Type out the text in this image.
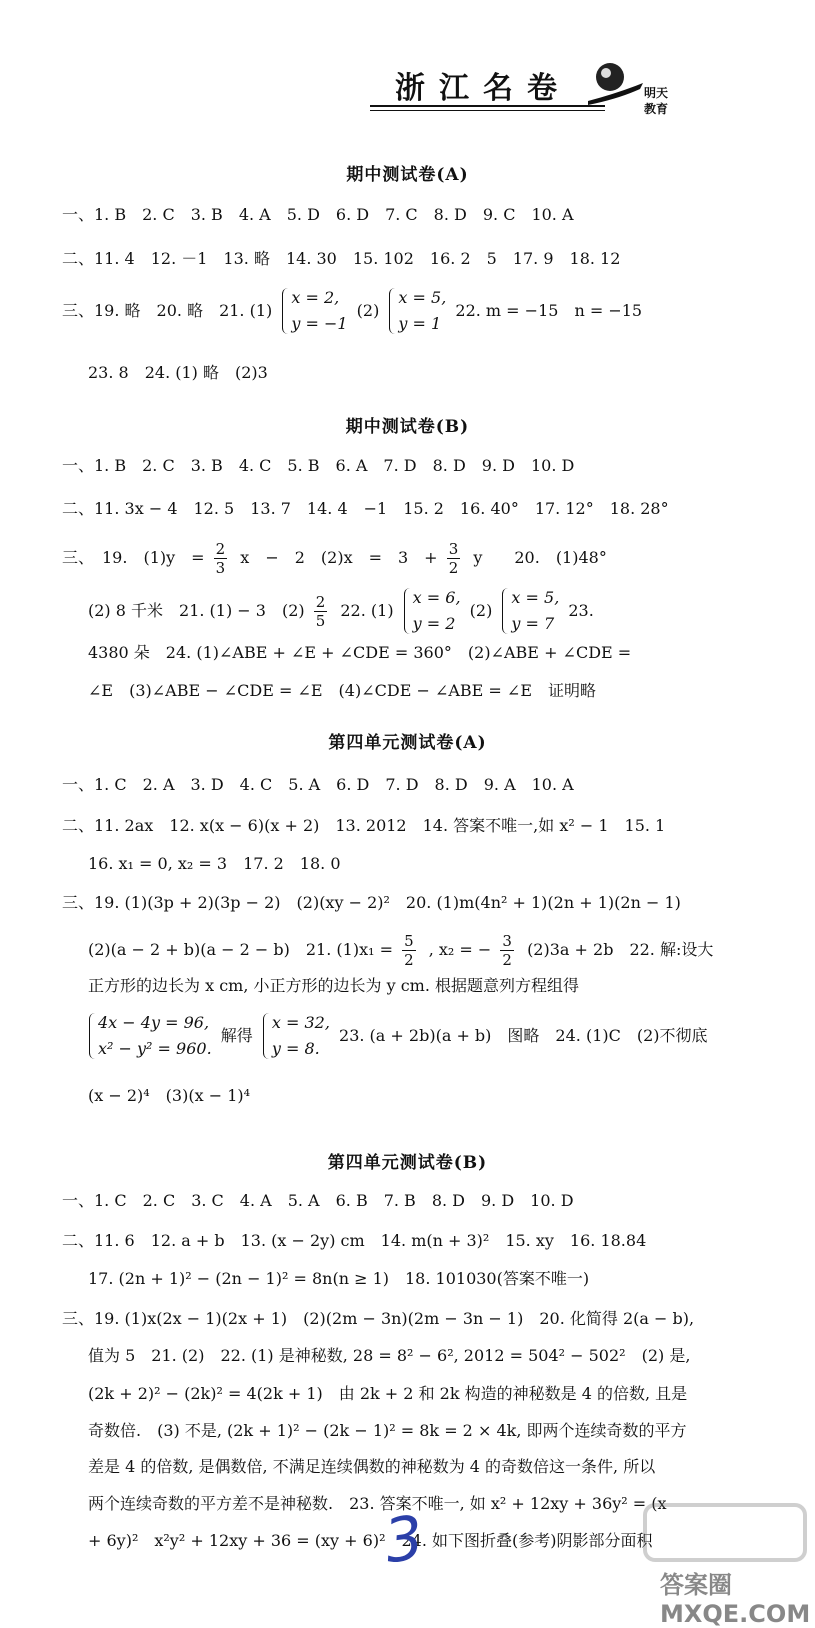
浙江名卷	明天教育
期中测试卷(A)
一、1. B　2. C　3. B　4. A　5. D　6. D　7. C　8. D　9. C　10. A
二、11. 4　12. －1　13. 略　14. 30　15. 102　16. 2　5　17. 9　18. 12
三、19. 略　20. 略　21. (1)
x = 2,
y = −1
(2)
x = 5,
y = 1
22. m = −15　n = −15
23. 8　24. (1) 略　(2)3
期中测试卷(B)
一、1. B　2. C　3. B　4. C　5. B　6. A　7. D　8. D　9. D　10. D
二、11. 3x − 4　12. 5　13. 7　14. 4　−1　15. 2　16. 40°　17. 12°　18. 28°
三、　19.　(1)y　= $\frac{2}{3}$ x　−　2　(2)x　=　3　+ $\frac{3}{2}$ y　　20.　(1)48°
(2) 8 千米　21. (1) − 3　$(2) \frac{2}{5} 22$. (1)
x = 6,
y = 2
(2)
x = 5,
y = 7
23.
4380 朵　24. (1)∠ABE + ∠E + ∠CDE = 360°　(2)∠ABE + ∠CDE =
∠E　(3)∠ABE − ∠CDE = ∠E　(4)∠CDE − ∠ABE = ∠E　证明略
第四单元测试卷(A)
一、1. C　2. A　3. D　4. C　5. A　6. D　7. D　8. D　9. A　10. A
二、11. 2ax　12. x(x − 6)(x + 2)　13. 2012　14. 答案不唯一,如 x² − 1　15. 1
16. x₁ = 0, x₂ = 3　17. 2　18. 0
三、19. (1)(3p + 2)(3p − 2)　(2)(xy − 2)²　20. (1)m(4n² + 1)(2n + 1)(2n − 1)
(2)(a − 2 + b)(a − 2 − b)　21. $(1)x_1 = \frac{5}{2}$ , x₂ = − $\frac{3}{2} (2)3a + 2b$　22. 解:设大
正方形的边长为 x cm, 小正方形的边长为 y cm. 根据题意列方程组得
4x − 4y = 96,
x² − y² = 960.
解得
x = 32,
y = 8.
23. (a + 2b)(a + b)　图略　24. (1)C　(2)不彻底
(x − 2)⁴　(3)(x − 1)⁴
第四单元测试卷(B)
一、1. C　2. C　3. C　4. A　5. A　6. B　7. B　8. D　9. D　10. D
二、11. 6　12. a + b　13. (x − 2y) cm　14. m(n + 3)²　15. xy　16. 18.84
17. (2n + 1)² − (2n − 1)² = 8n(n ≥ 1)　18. 101030(答案不唯一)
三、19. (1)x(2x − 1)(2x + 1)　(2)(2m − 3n)(2m − 3n − 1)　20. 化简得 2(a − b),
值为 5　21. (2)　22. (1) 是神秘数, 28 = 8² − 6², 2012 = 504² − 502²　(2) 是,
(2k + 2)² − (2k)² = 4(2k + 1)　由 2k + 2 和 2k 构造的神秘数是 4 的倍数, 且是
奇数倍.　(3) 不是, (2k + 1)² − (2k − 1)² = 8k = 2 × 4k, 即两个连续奇数的平方
差是 4 的倍数, 是偶数倍, 不满足连续偶数的神秘数为 4 的奇数倍这一条件, 所以
两个连续奇数的平方差不是神秘数.　23. 答案不唯一, 如 x² + 12xy + 36y² = (x
+ 6y)²　x²y² + 12xy + 36 = (xy + 6)²　24. 如下图折叠(参考)阴影部分面积
3
答案圈 MXQE.COM
